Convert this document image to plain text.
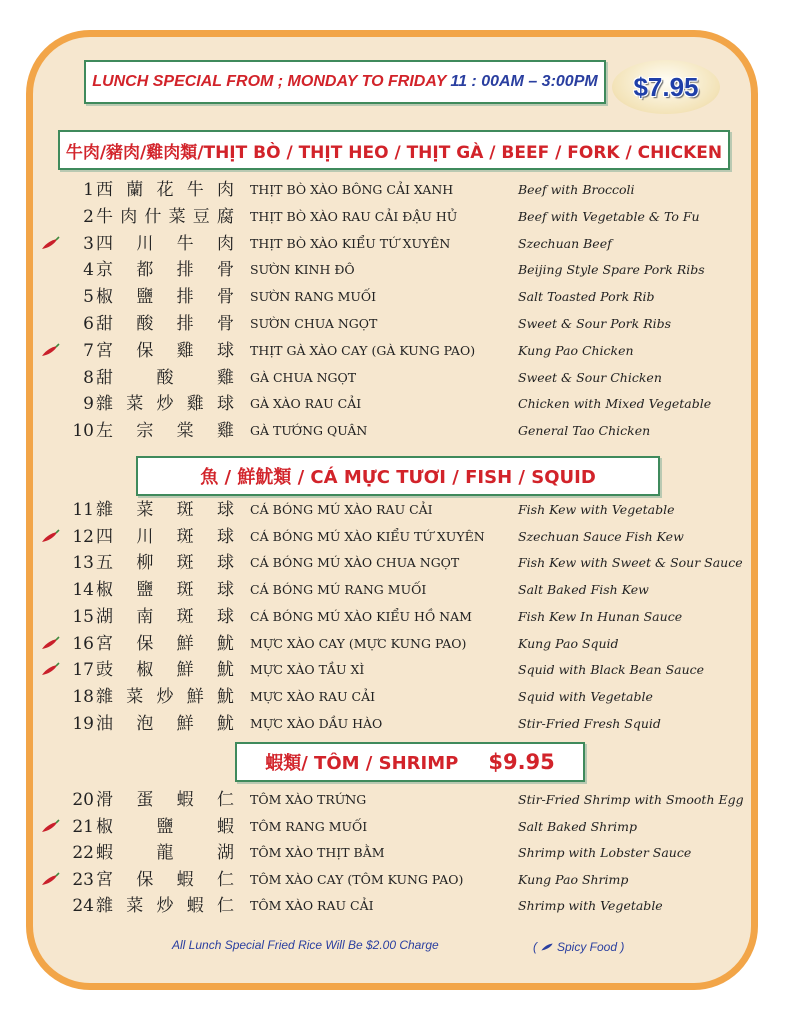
LUNCH SPECIAL FROM ; MONDAY TO FRIDAY 11 : 00AM – 3:00PM $7.95
牛肉/豬肉/雞肉類/THỊT BÒ / THỊT HEO / THỊT GÀ / BEEF / FORK / CHICKEN
魚 / 鮮魷類 / CÁ MỰC TƯƠI / FISH / SQUID
蝦類/ TÔM / SHRIMP $9.95
1 西 蘭 花 牛 肉 THỊT BÒ XÀO BÔNG CẢI XANH	Beef with Broccoli
2 牛 肉 什 菜 豆 腐 THỊT BÒ XÀO RAU CẢI ĐẬU HỦ	Beef with Vegetable & To Fu
3 四 川 牛 肉 THỊT BÒ XÀO KIỂU TỨ XUYÊN	Szechuan Beef
4 京 都 排 骨 SƯỜN KINH ĐÔ	Beijing Style Spare Pork Ribs
5 椒 鹽 排 骨 SƯỜN RANG MUỐI	Salt Toasted Pork Rib
6 甜 酸 排 骨 SƯỜN CHUA NGỌT	Sweet & Sour Pork Ribs
7 宮 保 雞 球 THỊT GÀ XÀO CAY (GÀ KUNG PAO)	Kung Pao Chicken
8 甜	酸	雞 GÀ CHUA NGỌT	Sweet & Sour Chicken
9 雜 菜 炒 雞 球 GÀ XÀO RAU CẢI	Chicken with Mixed Vegetable
10 左 宗 棠 雞 GÀ TƯỚNG QUÂN	General Tao Chicken
11 雜 菜 斑 球 CÁ BÓNG MÚ XÀO RAU CẢI	Fish Kew with Vegetable
12 四 川 斑 球 CÁ BÓNG MÚ XÀO KIỂU TỨ XUYÊN	Szechuan Sauce Fish Kew
13 五 柳 斑 球 CÁ BÓNG MÚ XÀO CHUA NGỌT	Fish Kew with Sweet & Sour Sauce
14 椒 鹽 斑 球 CÁ BÓNG MÚ RANG MUỐI	Salt Baked Fish Kew
15 湖 南 斑 球 CÁ BÓNG MÚ XÀO KIỂU HỒ NAM	Fish Kew In Hunan Sauce
16 宮 保 鮮 魷 MỰC XÀO CAY (MỰC KUNG PAO)	Kung Pao Squid
17 豉 椒 鮮 魷 MỰC XÀO TẦU XÌ	Squid with Black Bean Sauce
18 雜 菜 炒 鮮 魷 MỰC XÀO RAU CẢI	Squid with Vegetable
19 油 泡 鮮 魷 MỰC XÀO DẦU HÀO	Stir-Fried Fresh Squid
20 滑 蛋 蝦 仁 TÔM XÀO TRỨNG	Stir-Fried Shrimp with Smooth Egg
21 椒	鹽	蝦 TÔM RANG MUỐI	Salt Baked Shrimp
22 蝦	龍	湖 TÔM XÀO THỊT BẰM	Shrimp with Lobster Sauce
23 宮 保 蝦 仁 TÔM XÀO CAY (TÔM KUNG PAO)	Kung Pao Shrimp
24 雜 菜 炒 蝦 仁 TÔM XÀO RAU CẢI	Shrimp with Vegetable
All Lunch Special Fried Rice Will Be $2.00 Charge	( Spicy Food )
